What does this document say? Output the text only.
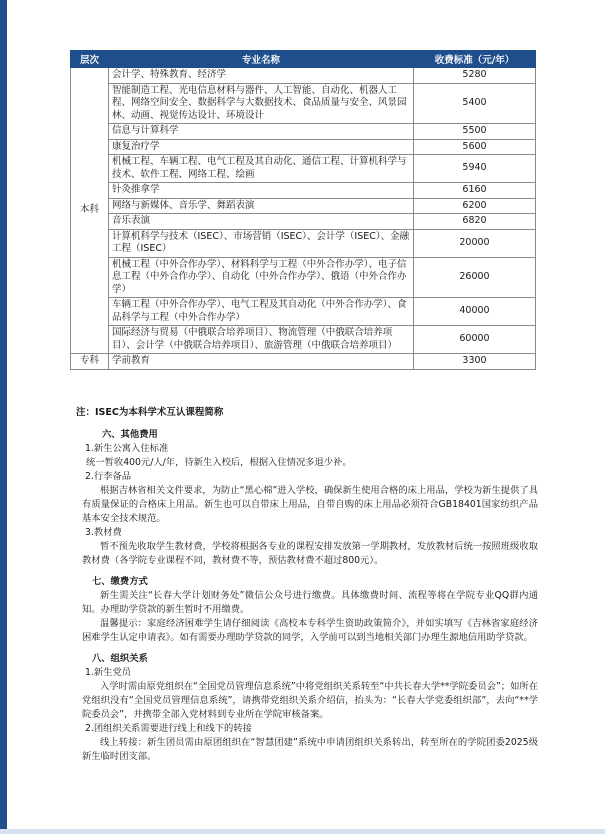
层次	专业名称	收费标准（元/年）
本科	会计学、特殊教育、经济学	5280
	智能制造工程、光电信息材料与器件、人工智能、自动化、机器人工程、网络空间安全、数据科学与大数据技术、食品质量与安全、风景园林、动画、视觉传达设计、环境设计	5400
	信息与计算科学	5500
	康复治疗学	5600
	机械工程、车辆工程、电气工程及其自动化、通信工程、计算机科学与技术、软件工程、网络工程、绘画	5940
	针灸推拿学	6160
	网络与新媒体、音乐学、舞蹈表演	6200
	音乐表演	6820
	计算机科学与技术（ISEC）、市场营销（ISEC）、会计学（ISEC）、金融工程（ISEC）	20000
	机械工程（中外合作办学）、材料科学与工程（中外合作办学）、电子信息工程（中外合作办学）、自动化（中外合作办学）、俄语（中外合作办学）	26000
	车辆工程（中外合作办学）、电气工程及其自动化（中外合作办学）、食品科学与工程（中外合作办学）	40000
	国际经济与贸易（中俄联合培养项目）、物流管理（中俄联合培养项目）、会计学（中俄联合培养项目）、旅游管理（中俄联合培养项目）	60000
专科	学前教育	3300
注：ISEC为本科学术互认课程简称

六、其他费用

1.新生公寓入住标准

统一暂收400元/人/年，待新生入校后，根据入住情况多退少补。

2.行李备品

根据吉林省相关文件要求，为防止“黑心棉”进入学校，确保新生使用合格的床上用品，学校为新生提供了具有质量保证的合格床上用品。新生也可以自带床上用品，自带自购的床上用品必须符合GB18401国家纺织产品基本安全技术规范。

3.教材费

暂不预先收取学生教材费，学校将根据各专业的课程安排发放第一学期教材，发放教材后统一按照班级收取教材费（各学院专业课程不同，教材费不等，预估教材费不超过800元）。

七、缴费方式

新生需关注“长春大学计划财务处”微信公众号进行缴费。具体缴费时间、流程等将在学院专业QQ群内通知。办理助学贷款的新生暂时不用缴费。

温馨提示：家庭经济困难学生请仔细阅读《高校本专科学生资助政策简介》，并如实填写《吉林省家庭经济困难学生认定申请表》。如有需要办理助学贷款的同学，入学前可以到当地相关部门办理生源地信用助学贷款。

八、组织关系

1.新生党员

入学时需由原党组织在“全国党员管理信息系统”中将党组织关系转至“中共长春大学**学院委员会”；如所在党组织没有“全国党员管理信息系统”，请携带党组织关系介绍信，抬头为：“长春大学党委组织部”，去向“**学院委员会”，并携带全部入党材料到专业所在学院审核备案。

2.团组织关系需要进行线上和线下的转接

线上转接：新生团员需由原团组织在“智慧团建”系统中申请团组织关系转出，转至所在的学院团委2025级新生临时团支部。
